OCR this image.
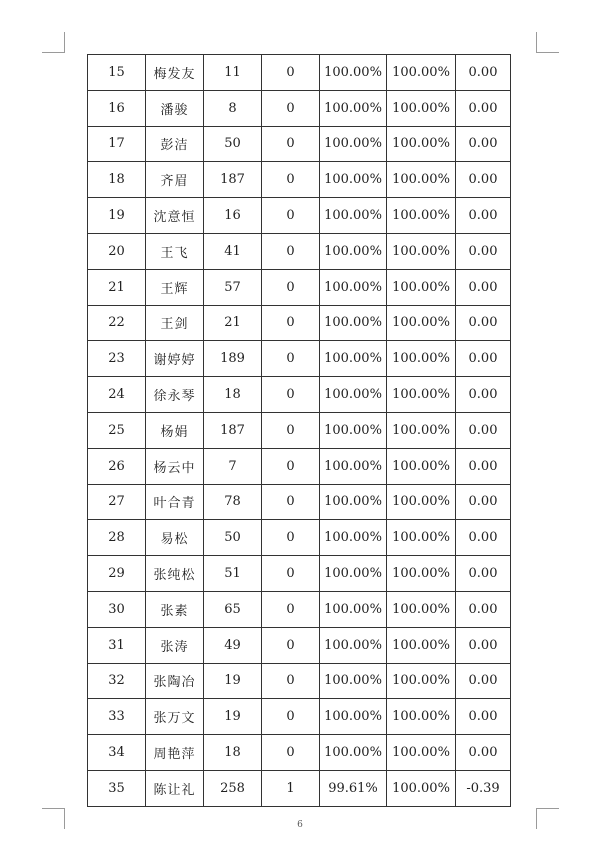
15	梅发友	11	0	100.00%	100.00%	0.00
16	潘骏	8	0	100.00%	100.00%	0.00
17	彭洁	50	0	100.00%	100.00%	0.00
18	齐眉	187	0	100.00%	100.00%	0.00
19	沈意恒	16	0	100.00%	100.00%	0.00
20	王飞	41	0	100.00%	100.00%	0.00
21	王辉	57	0	100.00%	100.00%	0.00
22	王剑	21	0	100.00%	100.00%	0.00
23	谢婷婷	189	0	100.00%	100.00%	0.00
24	徐永琴	18	0	100.00%	100.00%	0.00
25	杨娟	187	0	100.00%	100.00%	0.00
26	杨云中	7	0	100.00%	100.00%	0.00
27	叶合青	78	0	100.00%	100.00%	0.00
28	易松	50	0	100.00%	100.00%	0.00
29	张纯松	51	0	100.00%	100.00%	0.00
30	张素	65	0	100.00%	100.00%	0.00
31	张涛	49	0	100.00%	100.00%	0.00
32	张陶冶	19	0	100.00%	100.00%	0.00
33	张万文	19	0	100.00%	100.00%	0.00
34	周艳萍	18	0	100.00%	100.00%	0.00
35	陈让礼	258	1	99.61%	100.00%	-0.39
6
